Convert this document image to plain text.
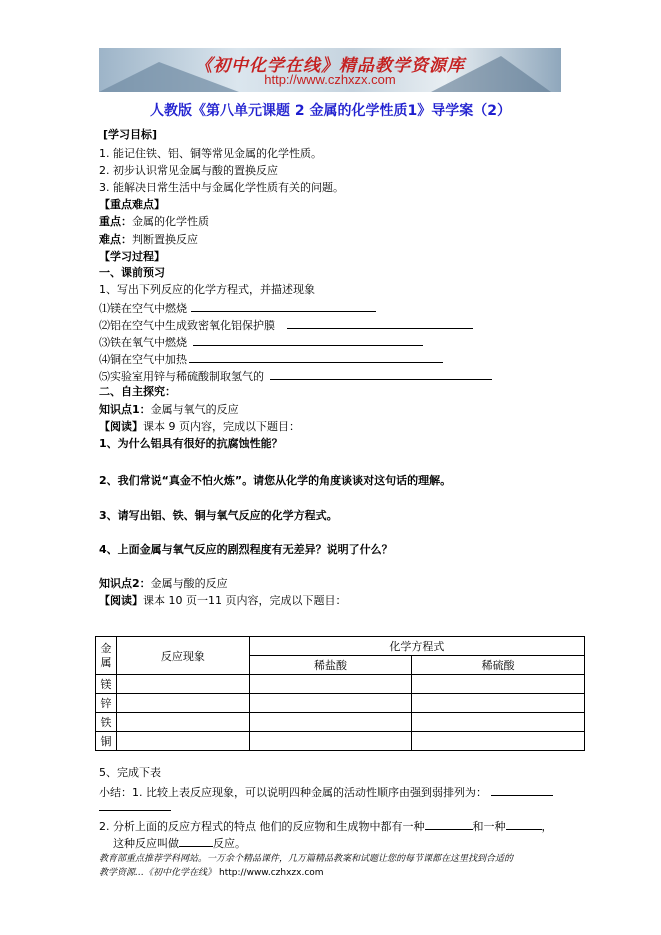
《初中化学在线》精品教学资源库
http://www.czhxzx.com
人教版《第八单元课题 2 金属的化学性质1》导学案（2）
[学习目标]
1. 能记住铁、铝、铜等常见金属的化学性质。
2. 初步认识常见金属与酸的置换反应
3. 能解决日常生活中与金属化学性质有关的问题。
【重点难点】
重点：金属的化学性质
难点：判断置换反应
【学习过程】
一、课前预习
1、写出下列反应的化学方程式，并描述现象
⑴镁在空气中燃烧
⑵铝在空气中生成致密氧化铝保护膜
⑶铁在氧气中燃烧
⑷铜在空气中加热
⑸实验室用锌与稀硫酸制取氢气的
二、自主探究：
知识点1：金属与氧气的反应
【阅读】课本 9 页内容，完成以下题目：
1、为什么铝具有很好的抗腐蚀性能？
2、我们常说“真金不怕火炼”。请您从化学的角度谈谈对这句话的理解。
3、请写出铝、铁、铜与氧气反应的化学方程式。
4、上面金属与氧气反应的剧烈程度有无差异？说明了什么？
知识点2：金属与酸的反应
【阅读】课本 10 页一11 页内容，完成以下题目：
金
属	反应现象	化学方程式	
		稀盐酸	稀硫酸
镁			
锌			
铁			
铜			
5、完成下表
小结：1. 比较上表反应现象，可以说明四种金属的活动性顺序由强到弱排列为：
2. 分析上面的反应方程式的特点 他们的反应物和生成物中都有一种	和一种	，
这种反应叫做	反应。
教育部重点推荐学科网站。一万余个精品课件，几万篇精品教案和试题让您的每节课都在这里找到合适的
教学资源…《初中化学在线》 http://www.czhxzx.com
